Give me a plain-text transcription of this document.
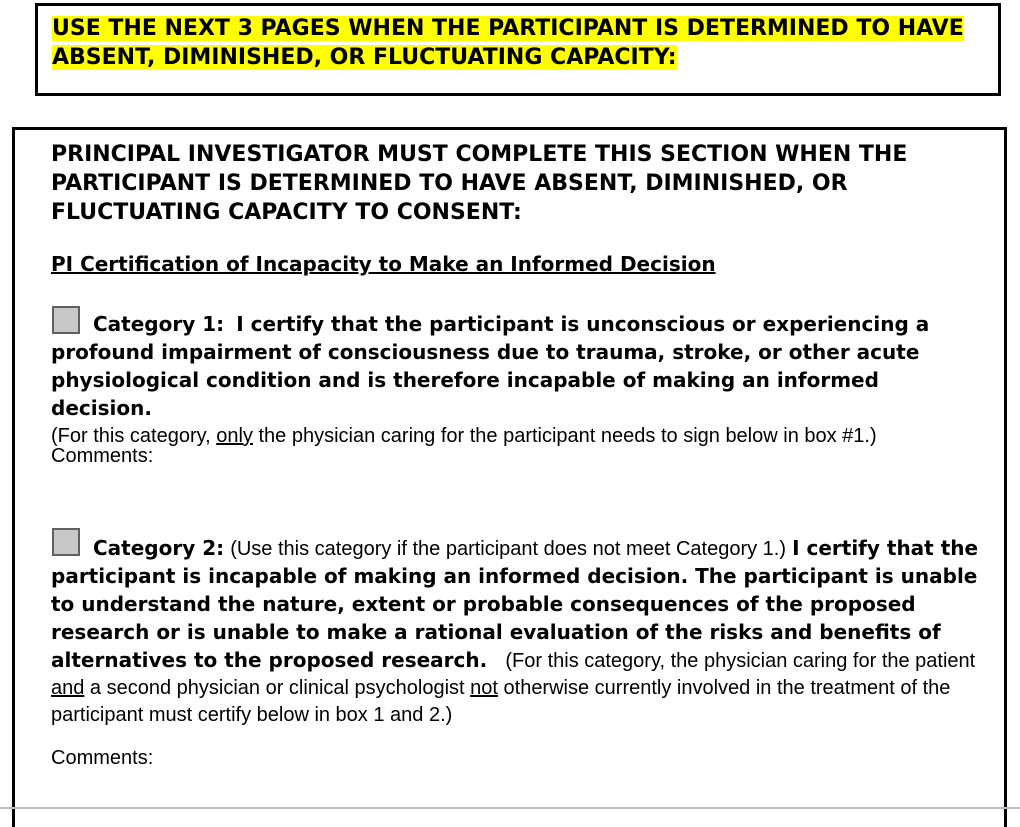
USE THE NEXT 3 PAGES WHEN THE PARTICIPANT IS DETERMINED TO HAVE
ABSENT, DIMINISHED, OR FLUCTUATING CAPACITY:
PRINCIPAL INVESTIGATOR MUST COMPLETE THIS SECTION WHEN THE PARTICIPANT IS DETERMINED TO HAVE ABSENT, DIMINISHED, OR FLUCTUATING CAPACITY TO CONSENT:
PI Certification of Incapacity to Make an Informed Decision
Category 1: I certify that the participant is unconscious or experiencing a profound impairment of consciousness due to trauma, stroke, or other acute physiological condition and is therefore incapable of making an informed decision.
(For this category, only the physician caring for the participant needs to sign below in box #1.)
Comments:
Category 2: (Use this category if the participant does not meet Category 1.) I certify that the participant is incapable of making an informed decision. The participant is unable to understand the nature, extent or probable consequences of the proposed research or is unable to make a rational evaluation of the risks and benefits of alternatives to the proposed research. (For this category, the physician caring for the patient and a second physician or clinical psychologist not otherwise currently involved in the treatment of the participant must certify below in box 1 and 2.)
Comments:
